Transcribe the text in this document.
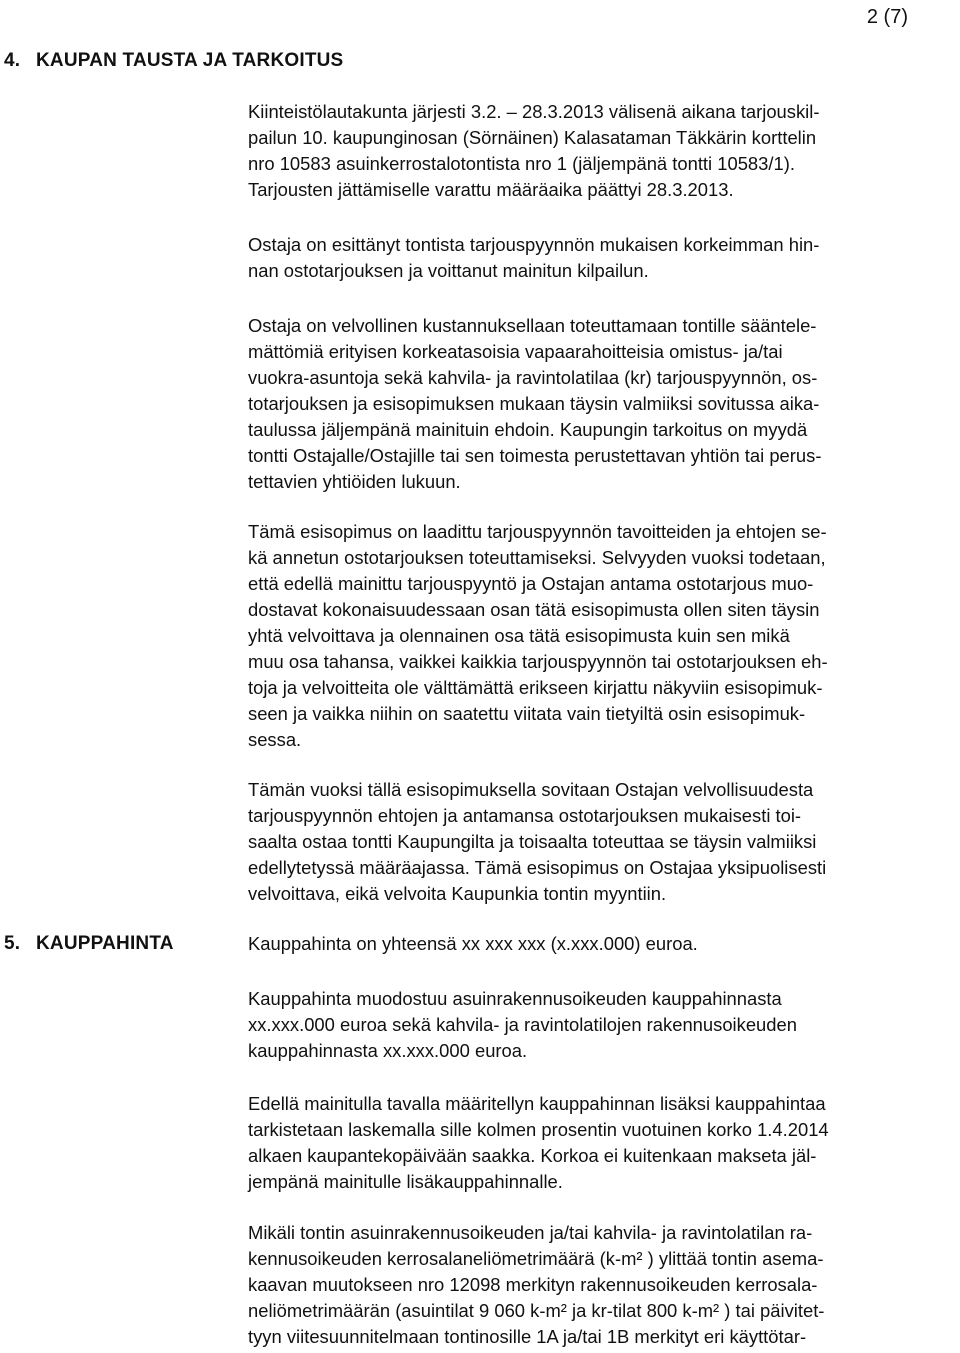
2 (7)
4. KAUPAN TAUSTA JA TARKOITUS
Kiinteistölautakunta järjesti 3.2. – 28.3.2013 välisenä aikana tarjouskil-
pailun 10. kaupunginosan (Sörnäinen) Kalasataman Täkkärin korttelin
nro 10583 asuinkerrostalotontista nro 1 (jäljempänä tontti 10583/1).
Tarjousten jättämiselle varattu määräaika päättyi 28.3.2013.
Ostaja on esittänyt tontista tarjouspyynnön mukaisen korkeimman hin-
nan ostotarjouksen ja voittanut mainitun kilpailun.
Ostaja on velvollinen kustannuksellaan toteuttamaan tontille sääntele-
mättömiä erityisen korkeatasoisia vapaarahoitteisia omistus- ja/tai
vuokra-asuntoja sekä kahvila- ja ravintolatilaa (kr) tarjouspyynnön, os-
totarjouksen ja esisopimuksen mukaan täysin valmiiksi sovitussa aika-
taulussa jäljempänä mainituin ehdoin. Kaupungin tarkoitus on myydä
tontti Ostajalle/Ostajille tai sen toimesta perustettavan yhtiön tai perus-
tettavien yhtiöiden lukuun.
Tämä esisopimus on laadittu tarjouspyynnön tavoitteiden ja ehtojen se-
kä annetun ostotarjouksen toteuttamiseksi. Selvyyden vuoksi todetaan,
että edellä mainittu tarjouspyyntö ja Ostajan antama ostotarjous muo-
dostavat kokonaisuudessaan osan tätä esisopimusta ollen siten täysin
yhtä velvoittava ja olennainen osa tätä esisopimusta kuin sen mikä
muu osa tahansa, vaikkei kaikkia tarjouspyynnön tai ostotarjouksen eh-
toja ja velvoitteita ole välttämättä erikseen kirjattu näkyviin esisopimuk-
seen ja vaikka niihin on saatettu viitata vain tietyiltä osin esisopimuk-
sessa.
Tämän vuoksi tällä esisopimuksella sovitaan Ostajan velvollisuudesta
tarjouspyynnön ehtojen ja antamansa ostotarjouksen mukaisesti toi-
saalta ostaa tontti Kaupungilta ja toisaalta toteuttaa se täysin valmiiksi
edellytetyssä määräajassa. Tämä esisopimus on Ostajaa yksipuolisesti
velvoittava, eikä velvoita Kaupunkia tontin myyntiin.
5. KAUPPAHINTA	Kauppahinta on yhteensä xx xxx xxx (x.xxx.000) euroa.
Kauppahinta muodostuu asuinrakennusoikeuden kauppahinnasta
xx.xxx.000 euroa sekä kahvila- ja ravintolatilojen rakennusoikeuden
kauppahinnasta xx.xxx.000 euroa.
Edellä mainitulla tavalla määritellyn kauppahinnan lisäksi kauppahintaa
tarkistetaan laskemalla sille kolmen prosentin vuotuinen korko 1.4.2014
alkaen kaupantekopäivään saakka. Korkoa ei kuitenkaan makseta jäl-
jempänä mainitulle lisäkauppahinnalle.
Mikäli tontin asuinrakennusoikeuden ja/tai kahvila- ja ravintolatilan ra-
kennusoikeuden kerrosalaneliömetrimäärä (k-m² ) ylittää tontin asema-
kaavan muutokseen nro 12098 merkityn rakennusoikeuden kerrosala-
neliömetrimäärän (asuintilat 9 060 k-m² ja kr-tilat 800 k-m² ) tai päivitet-
tyyn viitesuunnitelmaan tontinosille 1A ja/tai 1B merkityt eri käyttötar-
